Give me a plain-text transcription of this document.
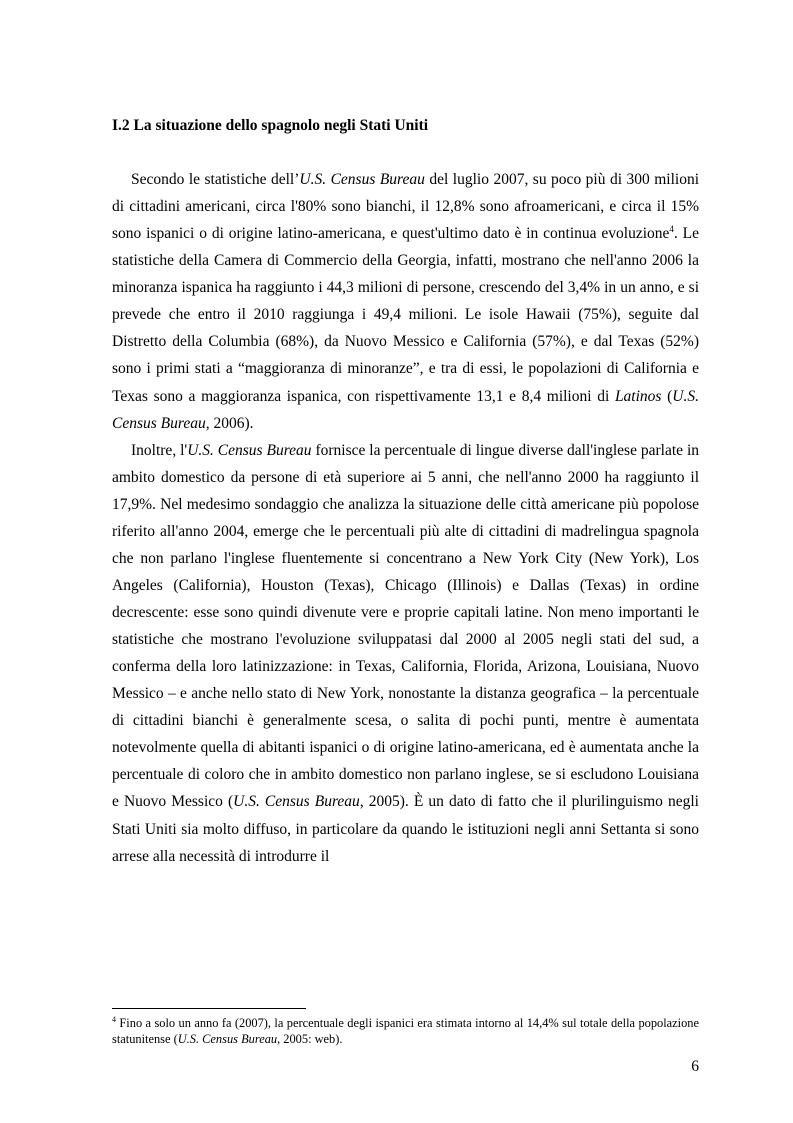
I.2 La situazione dello spagnolo negli Stati Uniti

Secondo le statistiche dell’U.S. Census Bureau del luglio 2007, su poco più di 300 milioni di cittadini americani, circa l'80% sono bianchi, il 12,8% sono afroamericani, e circa il 15% sono ispanici o di origine latino-americana, e quest'ultimo dato è in continua evoluzione$^4$. Le statistiche della Camera di Commercio della Georgia, infatti, mostrano che nell'anno 2006 la minoranza ispanica ha raggiunto i 44,3 milioni di persone, crescendo del 3,4% in un anno, e si prevede che entro il 2010 raggiunga i 49,4 milioni. Le isole Hawaii (75%), seguite dal Distretto della Columbia (68%), da Nuovo Messico e California (57%), e dal Texas (52%) sono i primi stati a “maggioranza di minoranze”, e tra di essi, le popolazioni di California e Texas sono a maggioranza ispanica, con rispettivamente 13,1 e 8,4 milioni di Latinos (U.S. Census Bureau, 2006).

Inoltre, l'U.S. Census Bureau fornisce la percentuale di lingue diverse dall'inglese parlate in ambito domestico da persone di età superiore ai 5 anni, che nell'anno 2000 ha raggiunto il 17,9%. Nel medesimo sondaggio che analizza la situazione delle città americane più popolose riferito all'anno 2004, emerge che le percentuali più alte di cittadini di madrelingua spagnola che non parlano l'inglese fluentemente si concentrano a New York City (New York), Los Angeles (California), Houston (Texas), Chicago (Illinois) e Dallas (Texas) in ordine decrescente: esse sono quindi divenute vere e proprie capitali latine. Non meno importanti le statistiche che mostrano l'evoluzione sviluppatasi dal 2000 al 2005 negli stati del sud, a conferma della loro latinizzazione: in Texas, California, Florida, Arizona, Louisiana, Nuovo Messico – e anche nello stato di New York, nonostante la distanza geografica – la percentuale di cittadini bianchi è generalmente scesa, o salita di pochi punti, mentre è aumentata notevolmente quella di abitanti ispanici o di origine latino-americana, ed è aumentata anche la percentuale di coloro che in ambito domestico non parlano inglese, se si escludono Louisiana e Nuovo Messico (U.S. Census Bureau, 2005). È un dato di fatto che il plurilinguismo negli Stati Uniti sia molto diffuso, in particolare da quando le istituzioni negli anni Settanta si sono arrese alla necessità di introdurre il

$^4$ Fino a solo un anno fa (2007), la percentuale degli ispanici era stimata intorno al 14,4% sul totale della popolazione statunitense (U.S. Census Bureau, 2005: web).
6
